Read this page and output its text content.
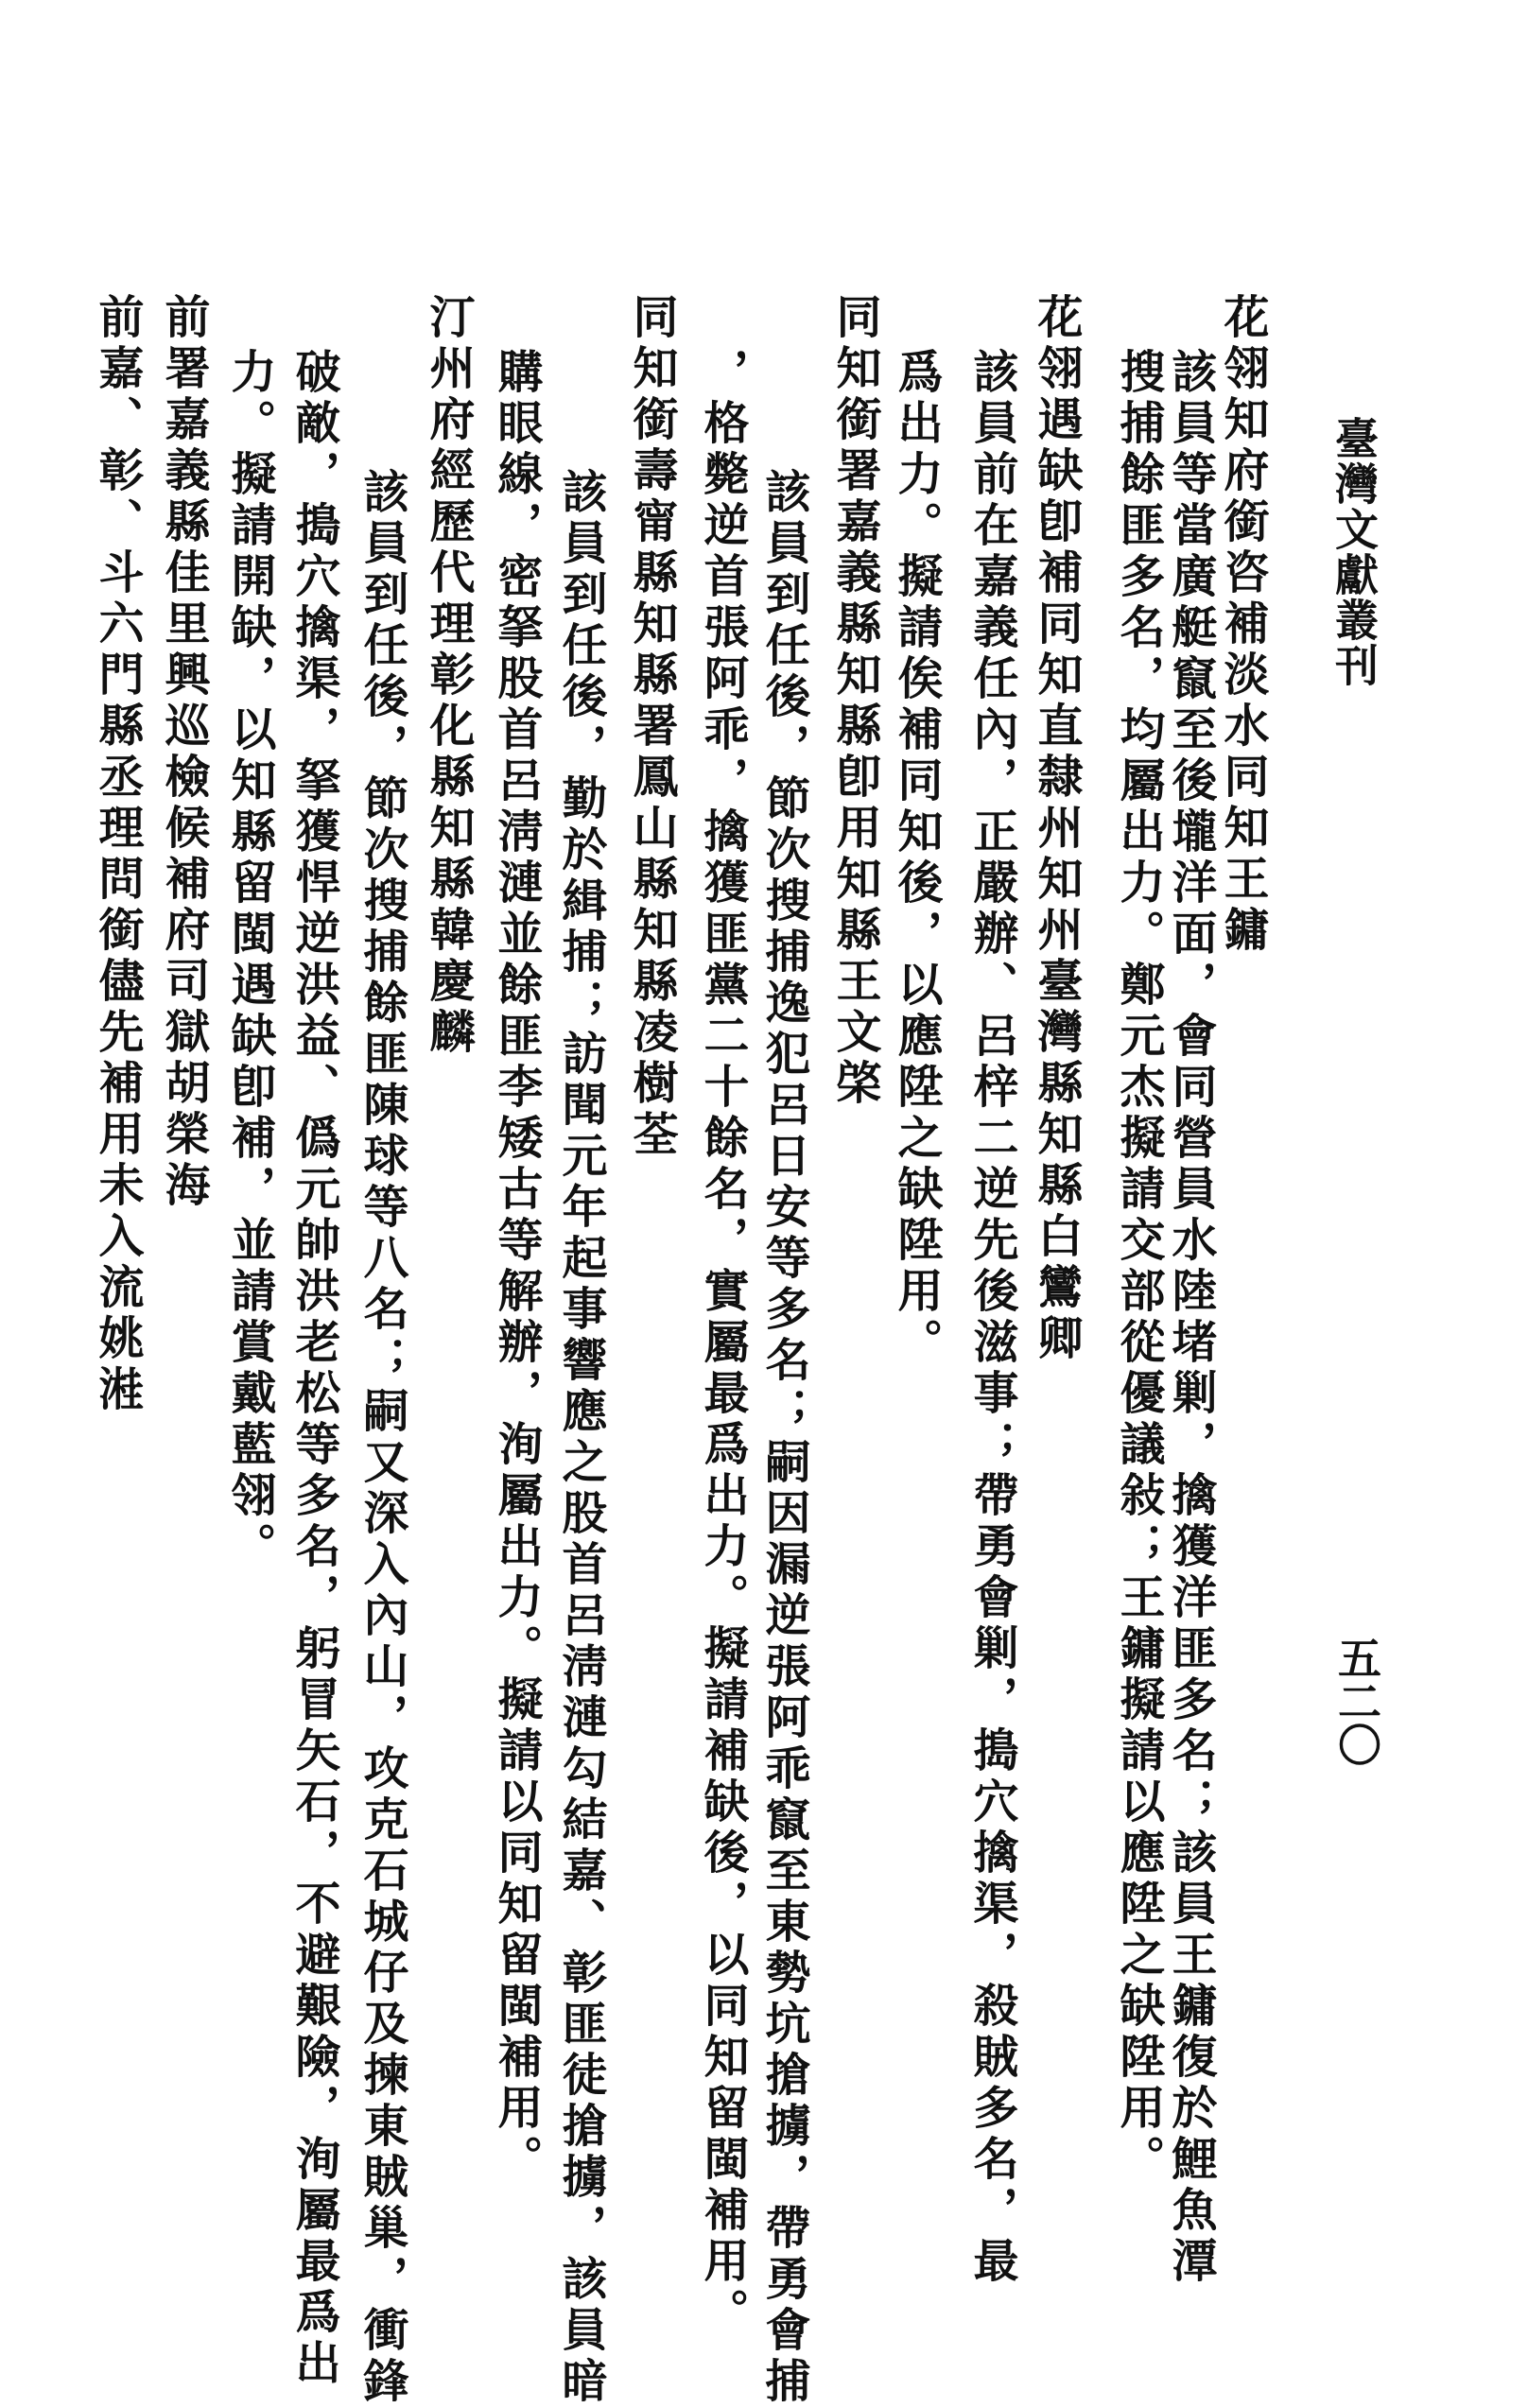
臺灣文獻叢刊
五二〇
花翎知府銜咨補淡水同知王鏞
該員等當廣艇竄至後壠洋面，會同營員水陸堵剿，擒獲洋匪多名；該員王鏞復於鯉魚潭
搜捕餘匪多名，均屬出力。鄭元杰擬請交部從優議敍；王鏞擬請以應陞之缺陞用。
花翎遇缺卽補同知直隸州知州臺灣縣知縣白鸞卿
該員前在嘉義任內，正嚴辦、呂梓二逆先後滋事；帶勇會剿，搗穴擒渠，殺賊多名，最
爲出力。擬請俟補同知後，以應陞之缺陞用。
同知銜署嘉義縣知縣卽用知縣王文棨
該員到任後，節次搜捕逸犯呂日安等多名；嗣因漏逆張阿乖竄至東勢坑搶擄，帶勇會捕
，格斃逆首張阿乖，擒獲匪黨二十餘名，實屬最爲出力。擬請補缺後，以同知留閩補用。
同知銜壽甯縣知縣署鳳山縣知縣凌樹荃
該員到任後，勤於緝捕；訪聞元年起事響應之股首呂淸漣勾結嘉、彰匪徒搶擄，該員暗
購眼線，密拏股首呂淸漣並餘匪李矮古等解辦，洵屬出力。擬請以同知留閩補用。
汀州府經歷代理彰化縣知縣韓慶麟
該員到任後，節次搜捕餘匪陳球等八名；嗣又深入內山，攻克石城仔及揀東賊巢，衝鋒
破敵，搗穴擒渠，拏獲悍逆洪益、僞元帥洪老松等多名，躬冒矢石，不避艱險，洵屬最爲出
力。擬請開缺，以知縣留閩遇缺卽補，並請賞戴藍翎。
前署嘉義縣佳里興巡檢候補府司獄胡榮海
前嘉、彰、斗六門縣丞理問銜儘先補用未入流姚溎
